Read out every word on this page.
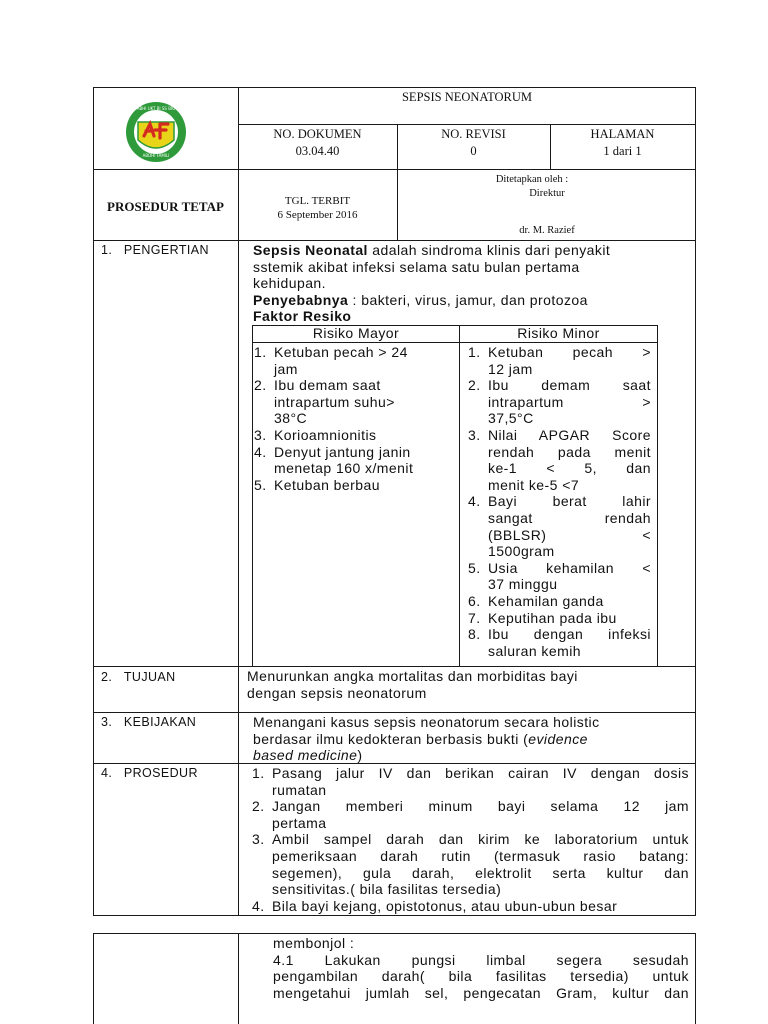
ABHI UKT BI SS BIG
ABDHI FAMILI
SEPSIS NEONATORUM
NO. DOKUMEN
03.04.40
NO. REVISI
0
HALAMAN
1 dari 1
PROSEDUR TETAP	TGL. TERBIT
6 September 2016
Ditetapkan oleh :
Direktur
dr. M. Razief
1. PENGERTIAN
2. TUJUAN
3. KEBIJAKAN
4. PROSEDUR
Sepsis Neonatal adalah sindroma klinis dari penyakit
sstemik akibat infeksi selama satu bulan pertama
kehidupan.
Penyebabnya : bakteri, virus, jamur, dan protozoa
Faktor Resiko
Risiko Mayor	Risiko Minor
1. Ketuban pecah > 24
jam
2. Ibu demam saat
intrapartum suhu>
38°C
3. Korioamnionitis
4. Denyut jantung janin
menetap 160 x/menit
5. Ketuban berbau
1. Ketuban pecah >
12 jam
2. Ibu demam saat
intrapartum >
37,5°C
3. Nilai APGAR Score
rendah pada menit
ke-1 < 5, dan
menit ke-5 <7
4. Bayi berat lahir
sangat rendah
(BBLSR) <
1500gram
5. Usia kehamilan <
37 minggu
6. Kehamilan ganda
7. Keputihan pada ibu
8. Ibu dengan infeksi
saluran kemih
Menurunkan angka mortalitas dan morbiditas bayi
dengan sepsis neonatorum
Menangani kasus sepsis neonatorum secara holistic
berdasar ilmu kedokteran berbasis bukti (evidence
based medicine)
1. Pasang jalur IV dan berikan cairan IV dengan dosis
rumatan
2. Jangan memberi minum bayi selama 12 jam
pertama
3. Ambil sampel darah dan kirim ke laboratorium untuk
pemeriksaan darah rutin (termasuk rasio batang:
segemen), gula darah, elektrolit serta kultur dan
sensitivitas.( bila fasilitas tersedia)
4. Bila bayi kejang, opistotonus, atau ubun-ubun besar
membonjol :
4.1 Lakukan pungsi limbal segera sesudah
pengambilan darah( bila fasilitas tersedia) untuk
mengetahui jumlah sel, pengecatan Gram, kultur dan
